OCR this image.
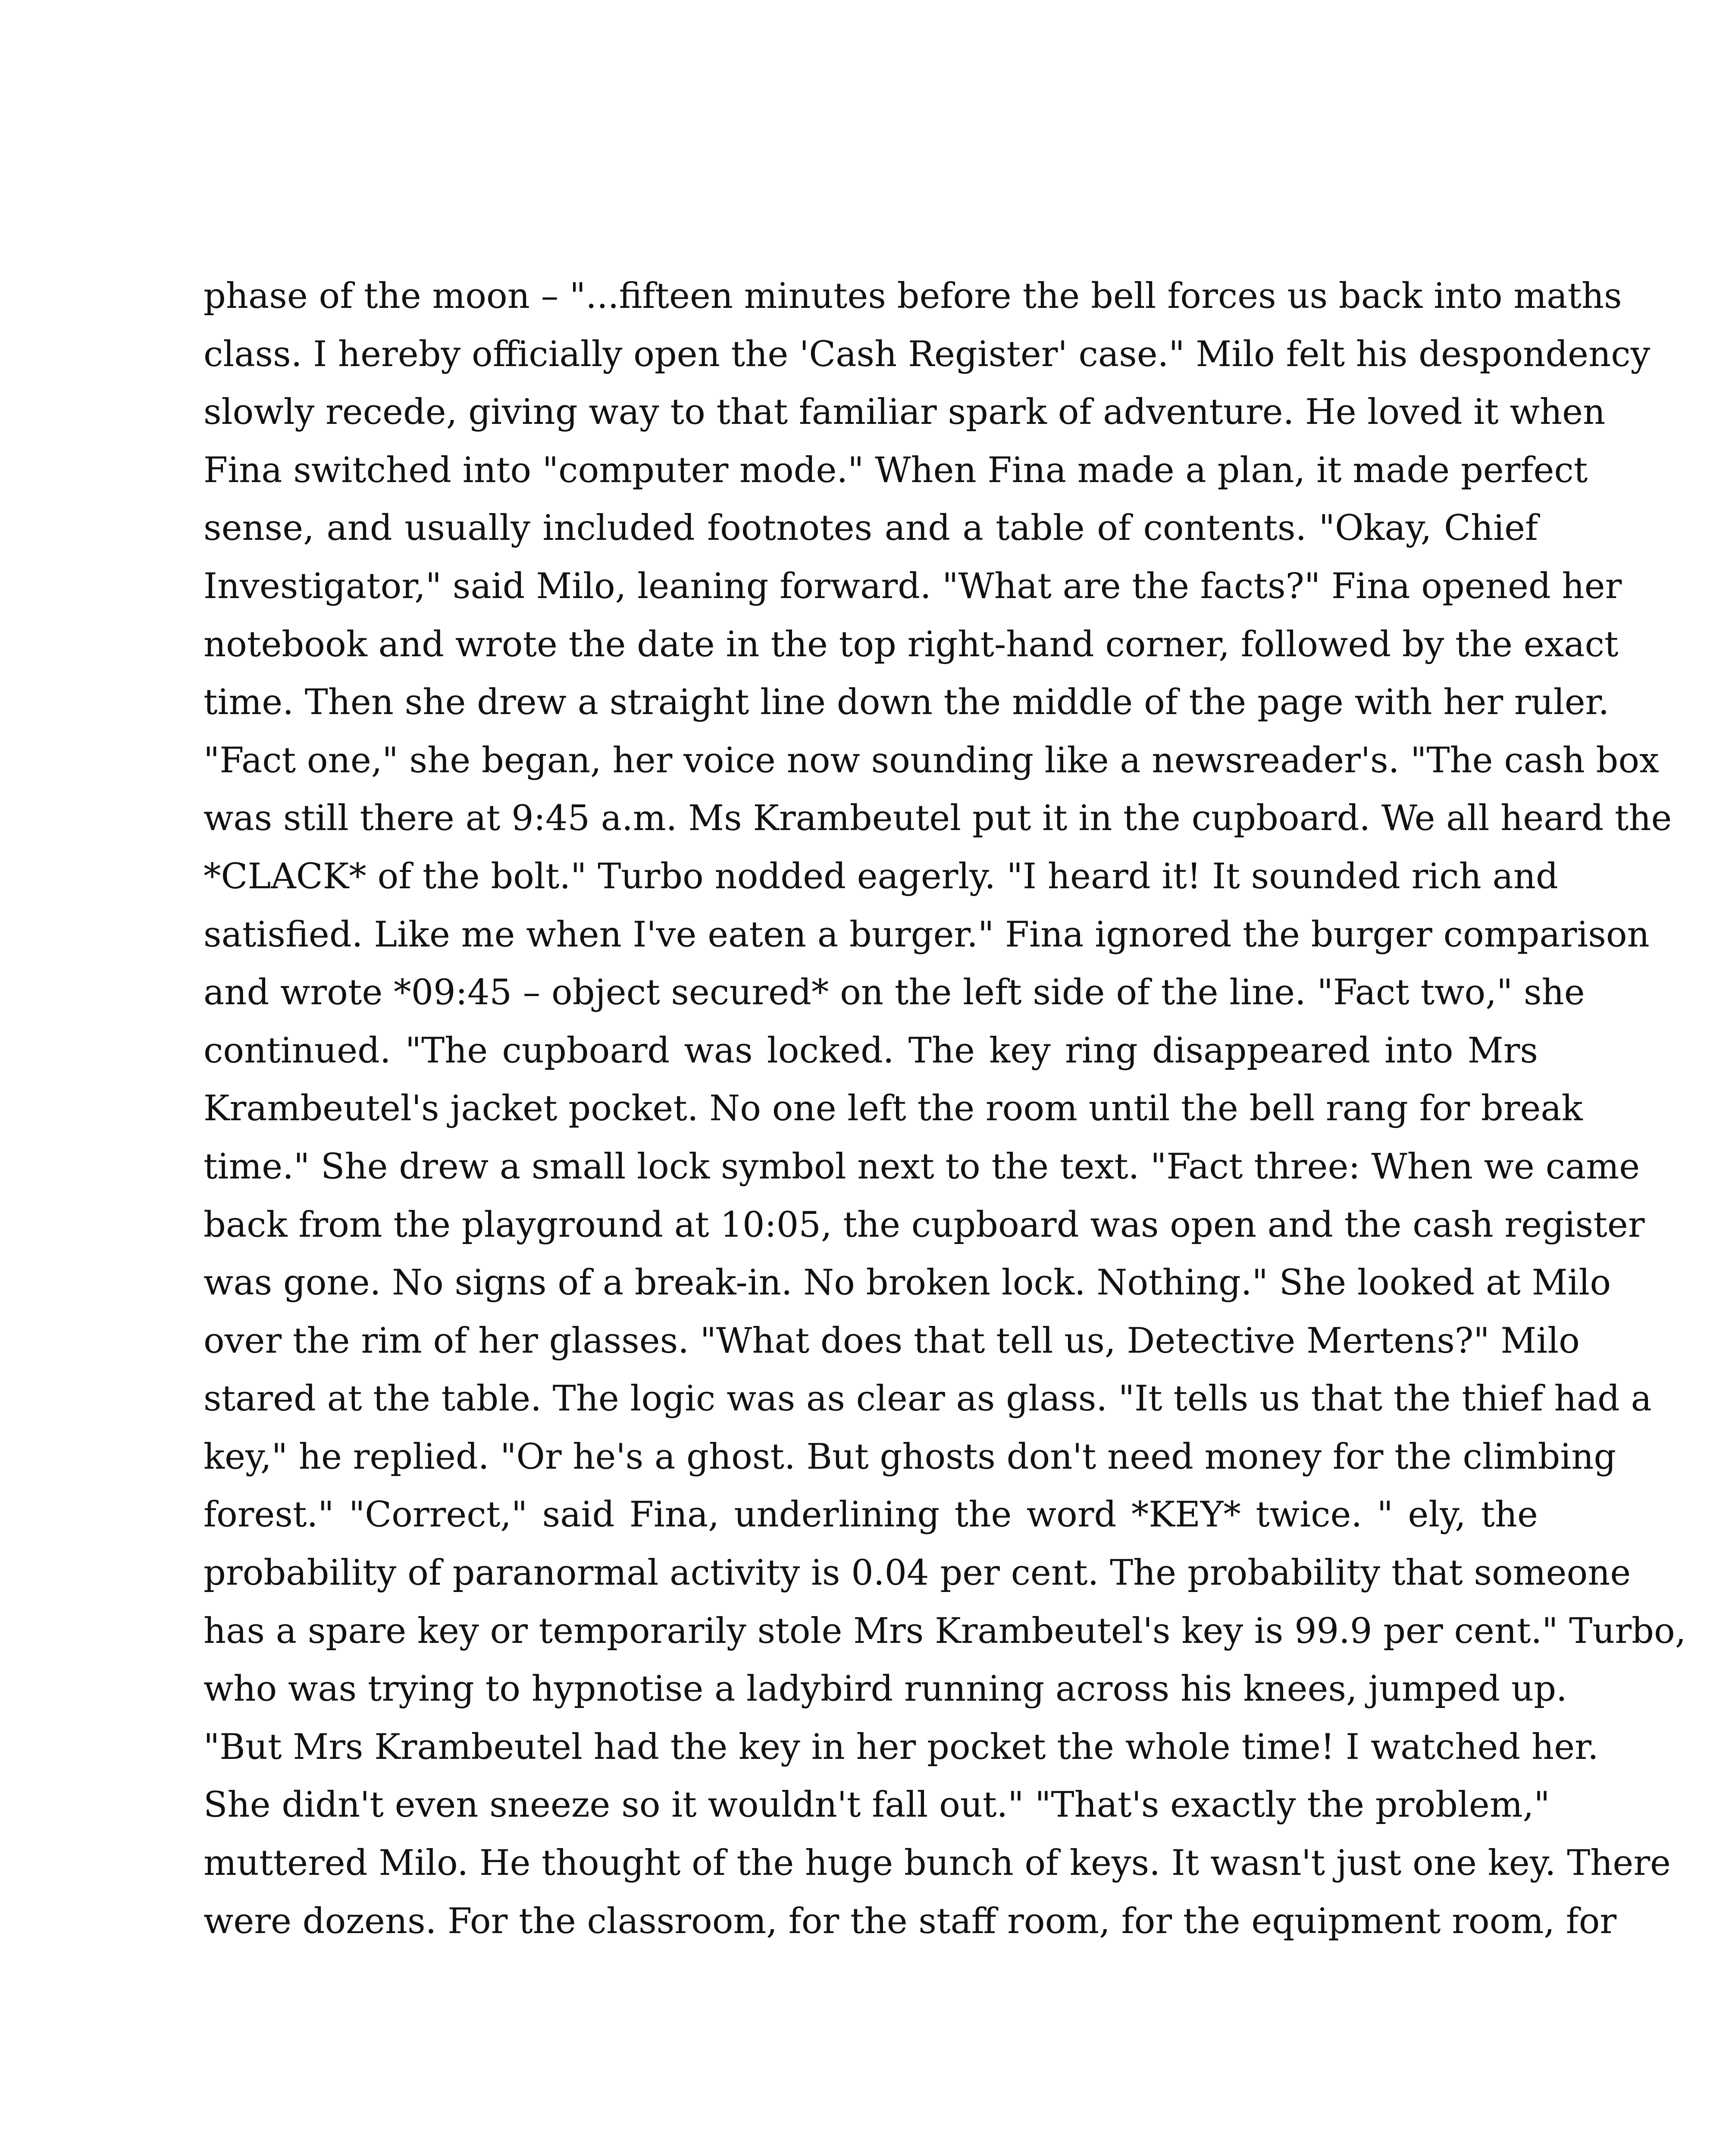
phase of the moon – "...fifteen minutes before the bell forces us back into maths
class. I hereby officially open the 'Cash Register' case." Milo felt his despondency
slowly recede, giving way to that familiar spark of adventure. He loved it when
Fina switched into "computer mode." When Fina made a plan, it made perfect
sense, and usually included footnotes and a table of contents. "Okay, Chief
Investigator," said Milo, leaning forward. "What are the facts?" Fina opened her
notebook and wrote the date in the top right-hand corner, followed by the exact
time. Then she drew a straight line down the middle of the page with her ruler.
"Fact one," she began, her voice now sounding like a newsreader's. "The cash box
was still there at 9:45 a.m. Ms Krambeutel put it in the cupboard. We all heard the
*CLACK* of the bolt." Turbo nodded eagerly. "I heard it! It sounded rich and
satisfied. Like me when I've eaten a burger." Fina ignored the burger comparison
and wrote *09:45 – object secured* on the left side of the line. "Fact two," she
continued. "The cupboard was locked. The key ring disappeared into Mrs
Krambeutel's jacket pocket. No one left the room until the bell rang for break
time." She drew a small lock symbol next to the text. "Fact three: When we came
back from the playground at 10:05, the cupboard was open and the cash register
was gone. No signs of a break-in. No broken lock. Nothing." She looked at Milo
over the rim of her glasses. "What does that tell us, Detective Mertens?" Milo
stared at the table. The logic was as clear as glass. "It tells us that the thief had a
key," he replied. "Or he's a ghost. But ghosts don't need money for the climbing
forest." "Correct," said Fina, underlining the word *KEY* twice. " ely, the
probability of paranormal activity is 0.04 per cent. The probability that someone
has a spare key or temporarily stole Mrs Krambeutel's key is 99.9 per cent." Turbo,
who was trying to hypnotise a ladybird running across his knees, jumped up.
"But Mrs Krambeutel had the key in her pocket the whole time! I watched her.
She didn't even sneeze so it wouldn't fall out." "That's exactly the problem,"
muttered Milo. He thought of the huge bunch of keys. It wasn't just one key. There
were dozens. For the classroom, for the staff room, for the equipment room, for
